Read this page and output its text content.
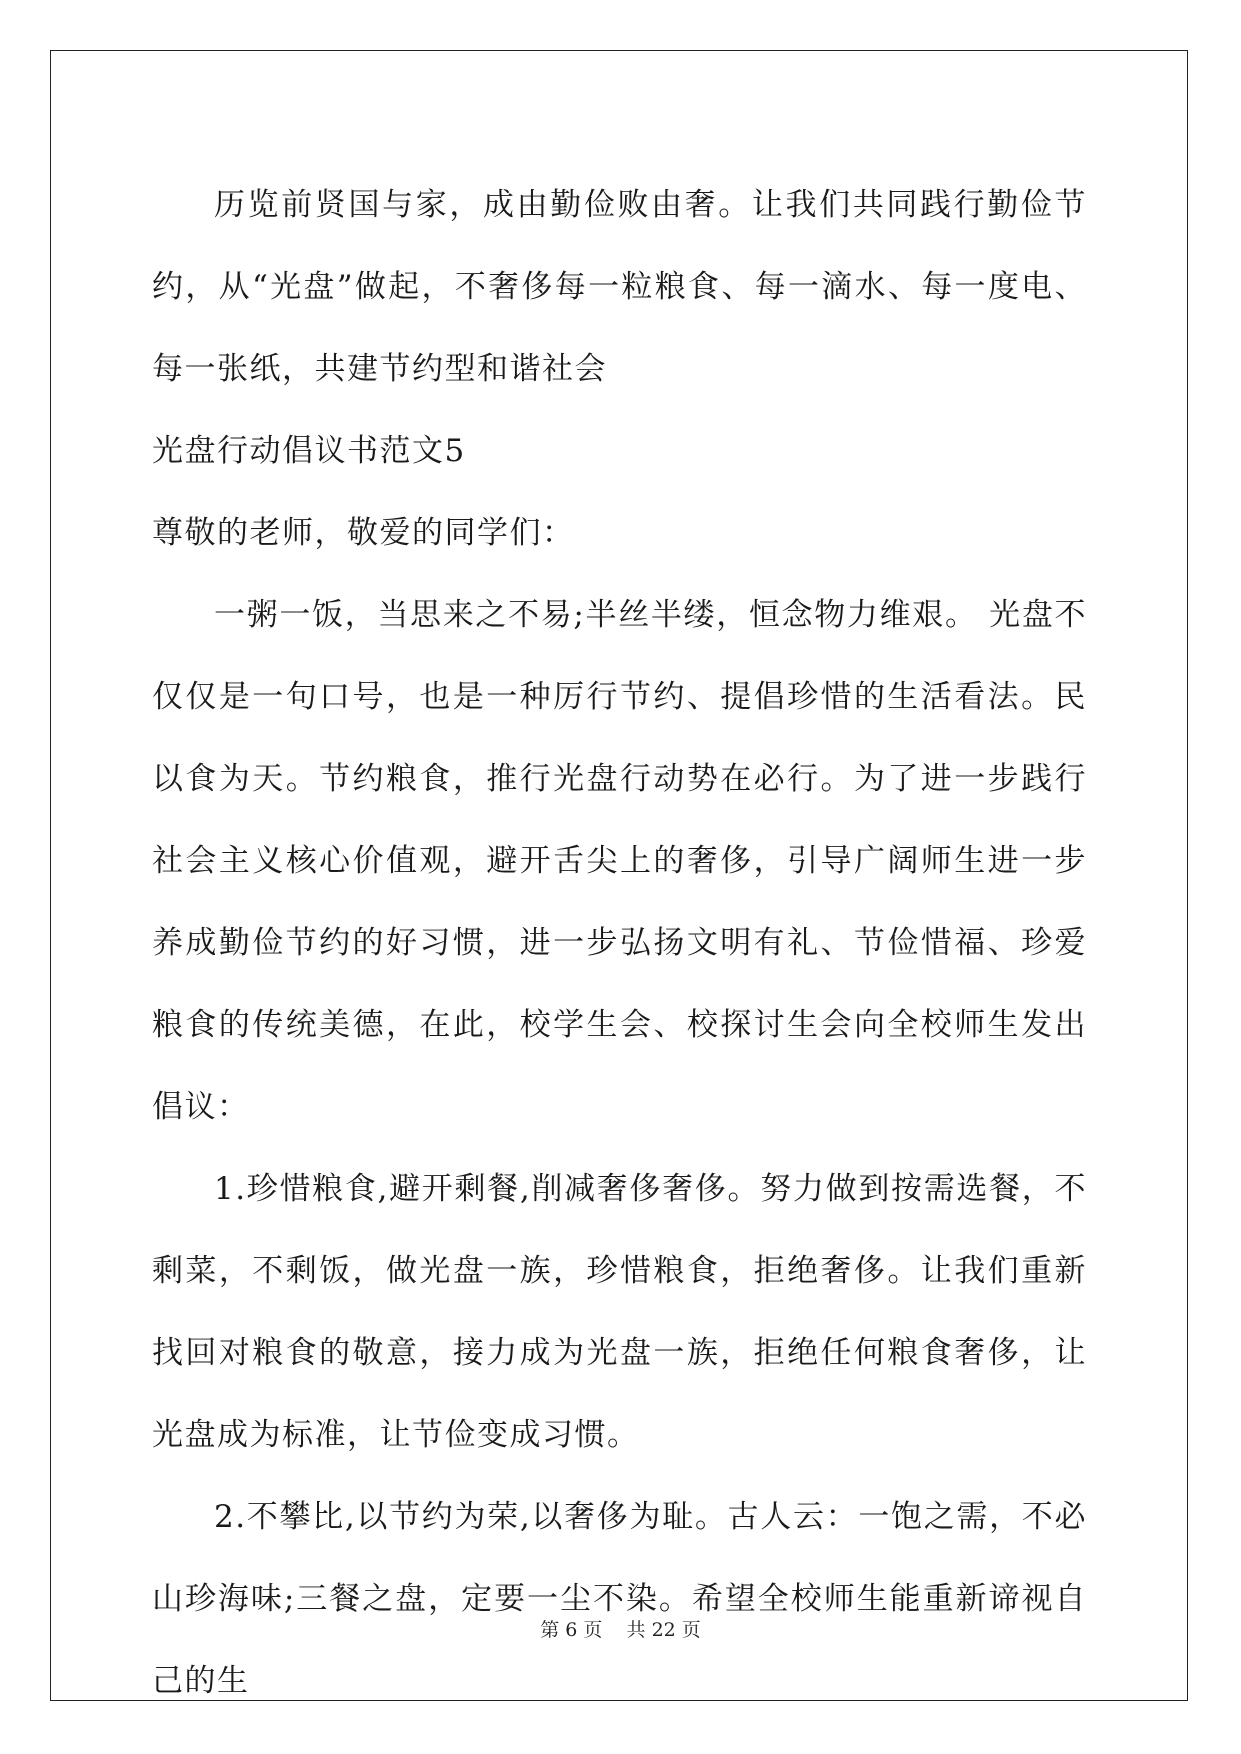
历览前贤国与家，成由勤俭败由奢。让我们共同践行勤俭节约，从“光盘”做起，不奢侈每一粒粮食、每一滴水、每一度电、每一张纸，共建节约型和谐社会

光盘行动倡议书范文5

尊敬的老师，敬爱的同学们：

一粥一饭，当思来之不易;半丝半缕，恒念物力维艰。 光盘不仅仅是一句口号，也是一种厉行节约、提倡珍惜的生活看法。民以食为天。节约粮食，推行光盘行动势在必行。为了进一步践行社会主义核心价值观，避开舌尖上的奢侈，引导广阔师生进一步养成勤俭节约的好习惯，进一步弘扬文明有礼、节俭惜福、珍爱粮食的传统美德，在此，校学生会、校探讨生会向全校师生发出倡议：

1.珍惜粮食,避开剩餐,削减奢侈奢侈。努力做到按需选餐，不剩菜，不剩饭，做光盘一族，珍惜粮食，拒绝奢侈。让我们重新找回对粮食的敬意，接力成为光盘一族，拒绝任何粮食奢侈，让光盘成为标准，让节俭变成习惯。

2.不攀比,以节约为荣,以奢侈为耻。古人云：一饱之需，不必山珍海味;三餐之盘，定要一尘不染。希望全校师生能重新谛视自己的生

第 6 页    共 22 页
